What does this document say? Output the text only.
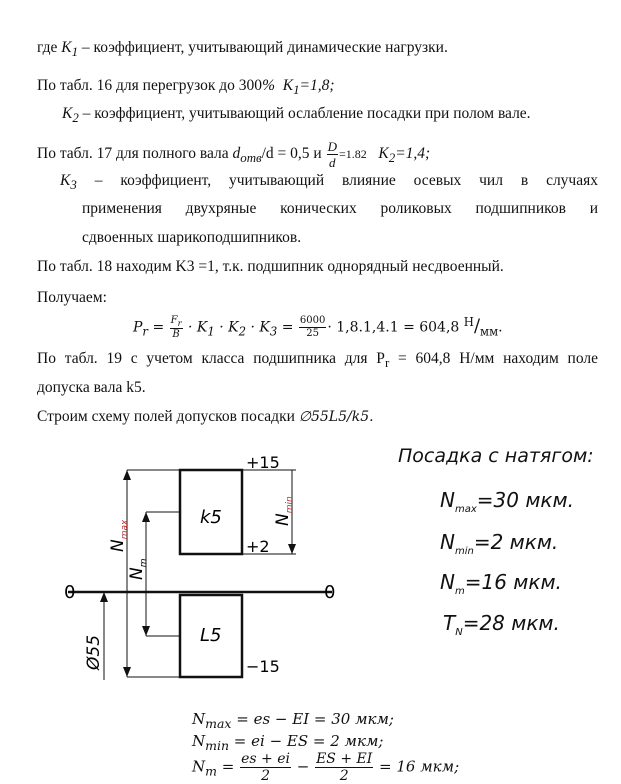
где $K_1$ – коэффициент, учитывающий динамические нагрузки.
По табл. 16 для перегрузок до 300% $K_1=1,8$;
$K_2$ – коэффициент, учитывающий ослабление посадки при полом вале.
По табл. 17 для полного вала $d_{отв}/d = 0,5$ и $\frac{D}{d} =1.82$ $K_2=1,4$;
$K_3$ – коэффициент, учитывающий влияние осевых чил в случаях
применения двухряные конических роликовых подшипников и
сдвоенных шарикоподшипников.
По табл. 18 находим K3 =1, т.к. подшипник однорядный несдвоенный.
Получаем:
$P_r = \frac{F_r}{B} \cdot K_1 \cdot K_2 \cdot K_3 = \frac{6000}{25} \cdot 1,8.1,4.1 = 604,8$ $^Н/_{мм}$.
По табл. 19 с учетом класса подшипника для $P_r = 604,8$ Н/мм находим поле
допуска вала k5.
Строим схему полей допусков посадки ∅55L5/k5.
0	0
k5
L5
$N_{max}$
$N_m$
$N_{min}$
Ø55
+15
+2
−15
Посадка с натягом:
$N_{max}=30$ мкм.
$N_{min}=2$ мкм.
$N_m=16$ мкм.
$T_N=28$ мкм.
$N_{max}$ = es − EI = 30 мкм;
$N_{min}$ = ei − ES = 2 мкм;
$N_m = \frac{es + ei}{2} - \frac{ES + EI}{2} = 16$ мкм;
